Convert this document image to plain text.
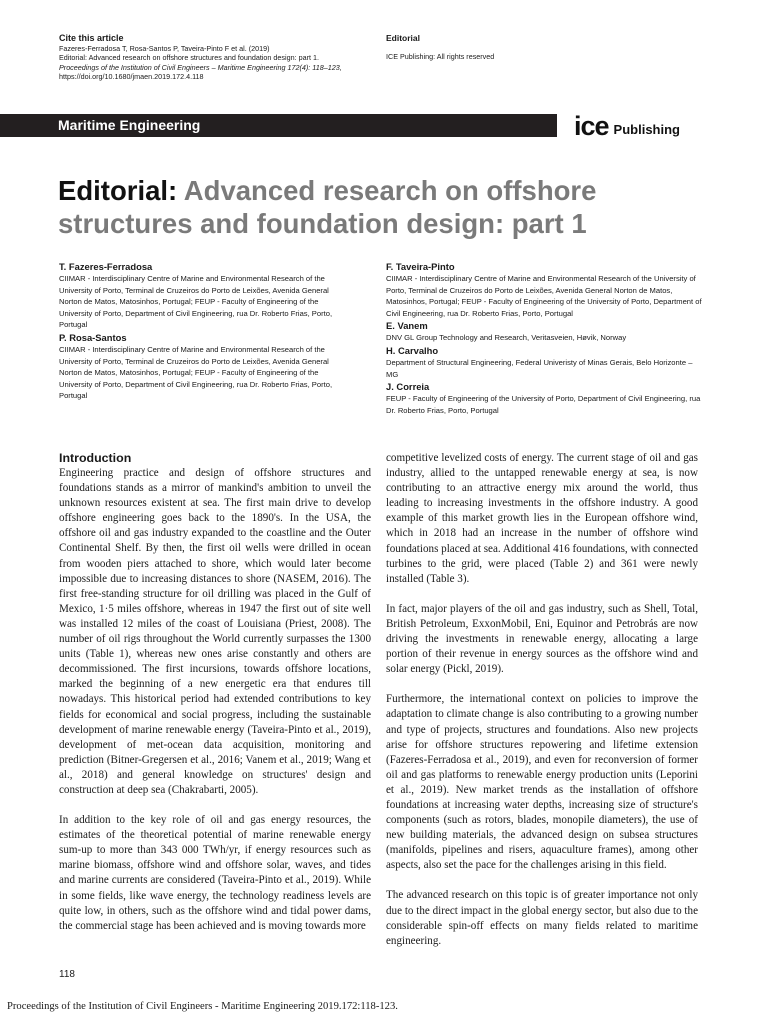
Cite this article
Fazeres-Ferradosa T, Rosa-Santos P, Taveira-Pinto F et al. (2019)
Editorial: Advanced research on offshore structures and foundation design: part 1.
Proceedings of the Institution of Civil Engineers – Maritime Engineering 172(4): 118–123,
https://doi.org/10.1680/jmaen.2019.172.4.118
Editorial
ICE Publishing: All rights reserved
Maritime Engineering	ice Publishing
Editorial: Advanced research on offshore structures and foundation design: part 1
T. Fazeres-Ferradosa
CIIMAR - Interdisciplinary Centre of Marine and Environmental Research of the University of Porto, Terminal de Cruzeiros do Porto de Leixões, Avenida General Norton de Matos, Matosinhos, Portugal; FEUP - Faculty of Engineering of the University of Porto, Department of Civil Engineering, rua Dr. Roberto Frias, Porto, Portugal
P. Rosa-Santos
CIIMAR - Interdisciplinary Centre of Marine and Environmental Research of the University of Porto, Terminal de Cruzeiros do Porto de Leixões, Avenida General Norton de Matos, Matosinhos, Portugal; FEUP - Faculty of Engineering of the University of Porto, Department of Civil Engineering, rua Dr. Roberto Frias, Porto, Portugal
F. Taveira-Pinto
CIIMAR - Interdisciplinary Centre of Marine and Environmental Research of the University of Porto, Terminal de Cruzeiros do Porto de Leixões, Avenida General Norton de Matos, Matosinhos, Portugal; FEUP - Faculty of Engineering of the University of Porto, Department of Civil Engineering, rua Dr. Roberto Frias, Porto, Portugal
E. Vanem
DNV GL Group Technology and Research, Veritasveien, Høvik, Norway
H. Carvalho
Department of Structural Engineering, Federal Univeristy of Minas Gerais, Belo Horizonte – MG
J. Correia
FEUP - Faculty of Engineering of the University of Porto, Department of Civil Engineering, rua Dr. Roberto Frias, Porto, Portugal
Introduction

Engineering practice and design of offshore structures and foundations stands as a mirror of mankind's ambition to unveil the unknown resources existent at sea. The first main drive to develop offshore engineering goes back to the 1890's. In the USA, the offshore oil and gas industry expanded to the coastline and the Outer Continental Shelf. By then, the first oil wells were drilled in ocean from wooden piers attached to shore, which would later become impossible due to increasing distances to shore (NASEM, 2016). The first free-standing structure for oil drilling was placed in the Gulf of Mexico, 1·5 miles offshore, whereas in 1947 the first out of site well was installed 12 miles of the coast of Louisiana (Priest, 2008). The number of oil rigs throughout the World currently surpasses the 1300 units (Table 1), whereas new ones arise constantly and others are decommissioned. The first incursions, towards offshore locations, marked the beginning of a new energetic era that endures till nowadays. This historical period had extended contributions to key fields for economical and social progress, including the sustainable development of marine renewable energy (Taveira-Pinto et al., 2019), development of met-ocean data acquisition, monitoring and prediction (Bitner-Gregersen et al., 2016; Vanem et al., 2019; Wang et al., 2018) and general knowledge on structures' design and construction at deep sea (Chakrabarti, 2005).

In addition to the key role of oil and gas energy resources, the estimates of the theoretical potential of marine renewable energy sum-up to more than 343 000 TWh/yr, if energy resources such as marine biomass, offshore wind and offshore solar, waves, and tides and marine currents are considered (Taveira-Pinto et al., 2019). While in some fields, like wave energy, the technology readiness levels are quite low, in others, such as the offshore wind and tidal power dams, the commercial stage has been achieved and is moving towards more

competitive levelized costs of energy. The current stage of oil and gas industry, allied to the untapped renewable energy at sea, is now contributing to an attractive energy mix around the world, thus leading to increasing investments in the offshore industry. A good example of this market growth lies in the European offshore wind, which in 2018 had an increase in the number of offshore wind foundations placed at sea. Additional 416 foundations, with connected turbines to the grid, were placed (Table 2) and 361 were newly installed (Table 3).

In fact, major players of the oil and gas industry, such as Shell, Total, British Petroleum, ExxonMobil, Eni, Equinor and Petrobrás are now driving the investments in renewable energy, allocating a large portion of their revenue in energy sources as the offshore wind and solar energy (Pickl, 2019).

Furthermore, the international context on policies to improve the adaptation to climate change is also contributing to a growing number and type of projects, structures and foundations. Also new projects arise for offshore structures repowering and lifetime extension (Fazeres-Ferradosa et al., 2019), and even for reconversion of former oil and gas platforms to renewable energy production units (Leporini et al., 2019). New market trends as the installation of offshore foundations at increasing water depths, increasing size of structure's components (such as rotors, blades, monopile diameters), the use of new building materials, the advanced design on subsea structures (manifolds, pipelines and risers, aquaculture frames), among other aspects, also set the pace for the challenges arising in this field.

The advanced research on this topic is of greater importance not only due to the direct impact in the global energy sector, but also due to the considerable spin-off effects on many fields related to maritime engineering.

118
Proceedings of the Institution of Civil Engineers - Maritime Engineering 2019.172:118-123.
